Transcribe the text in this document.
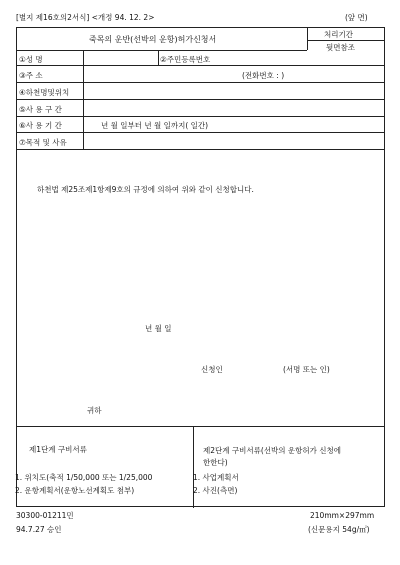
[별지 제16호의2서식] <개정 94. 12. 2>	(앞 면)
죽목의 운반(선박의 운항)허가신청서
처리기간
뒷면참조
①성 명	②주민등록번호
③주 소	(전화번호 : )
④하천명및위치
⑤사 용 구 간
⑥사 용 기 간	년 월 일부터 년 월 일까지( 일간)
⑦목적 및 사유
하천법 제25조제1항제9호의 규정에 의하여 위와 같이 신청합니다.
년 월 일
신청인	(서명 또는 인)
귀하
제1단계 구비서류
1. 위치도(축적 1/50,000 또는 1/25,000
2. 운항계획서(운항노선계획도 첨부)
제2단계 구비서류(선박의 운항허가 신청에
한한다)
1. 사업계획서
2. 사진(측면)
30300-01211민
94.7.27 승인
210mm×297mm
(신문용지 54g/㎡)
